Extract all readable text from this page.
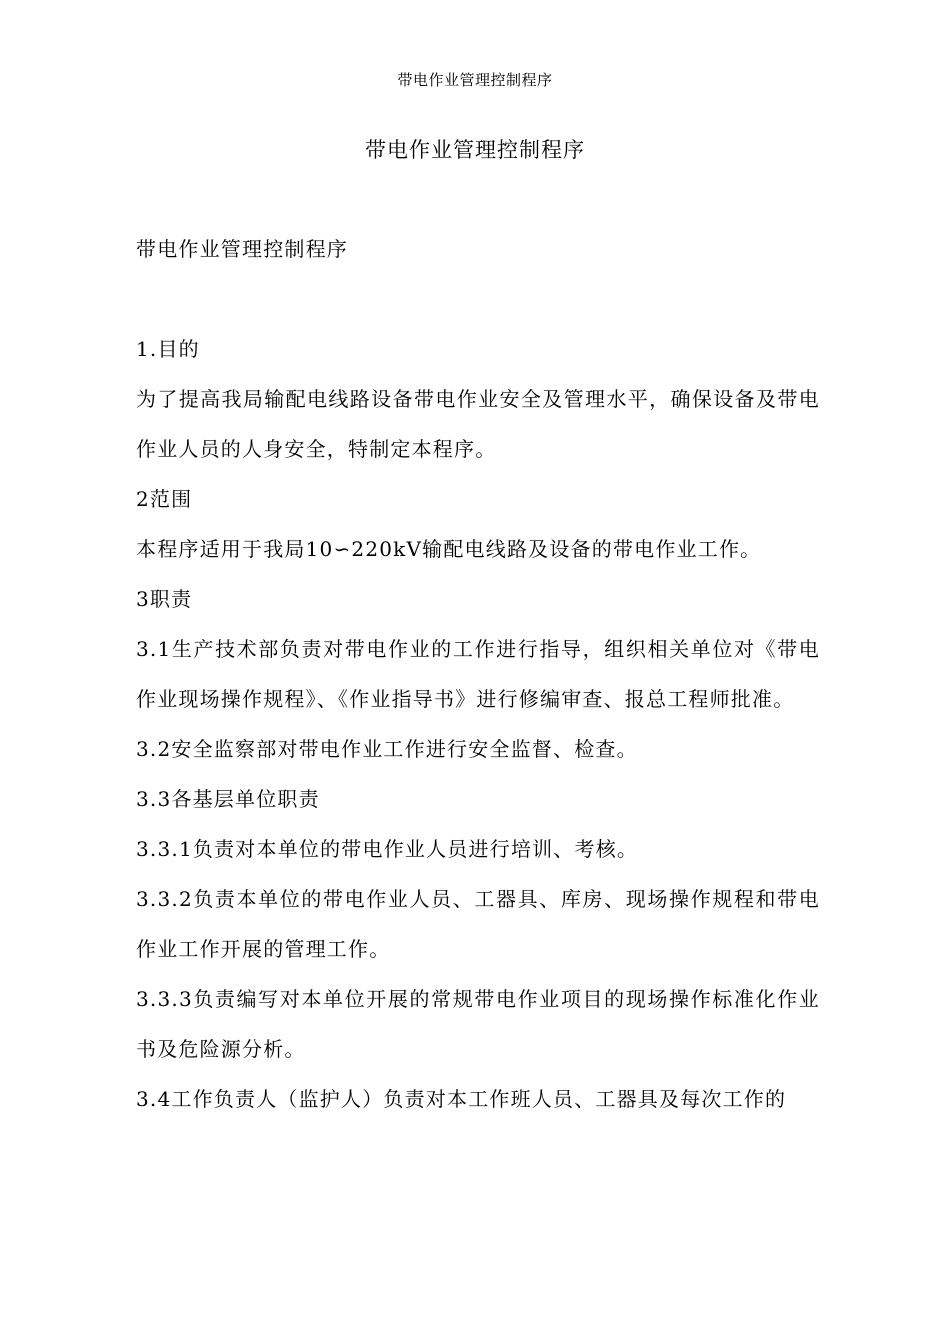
带电作业管理控制程序
带电作业管理控制程序
带电作业管理控制程序

1.目的

为了提高我局输配电线路设备带电作业安全及管理水平，确保设备及带电作业人员的人身安全，特制定本程序。

2范围

本程序适用于我局10∽220kV输配电线路及设备的带电作业工作。

3职责

3.1生产技术部负责对带电作业的工作进行指导，组织相关单位对《带电作业现场操作规程》、《作业指导书》进行修编审查、报总工程师批准。

3.2安全监察部对带电作业工作进行安全监督、检查。

3.3各基层单位职责

3.3.1负责对本单位的带电作业人员进行培训、考核。

3.3.2负责本单位的带电作业人员、工器具、库房、现场操作规程和带电作业工作开展的管理工作。

3.3.3负责编写对本单位开展的常规带电作业项目的现场操作标准化作业书及危险源分析。

3.4工作负责人（监护人）负责对本工作班人员、工器具及每次工作的
